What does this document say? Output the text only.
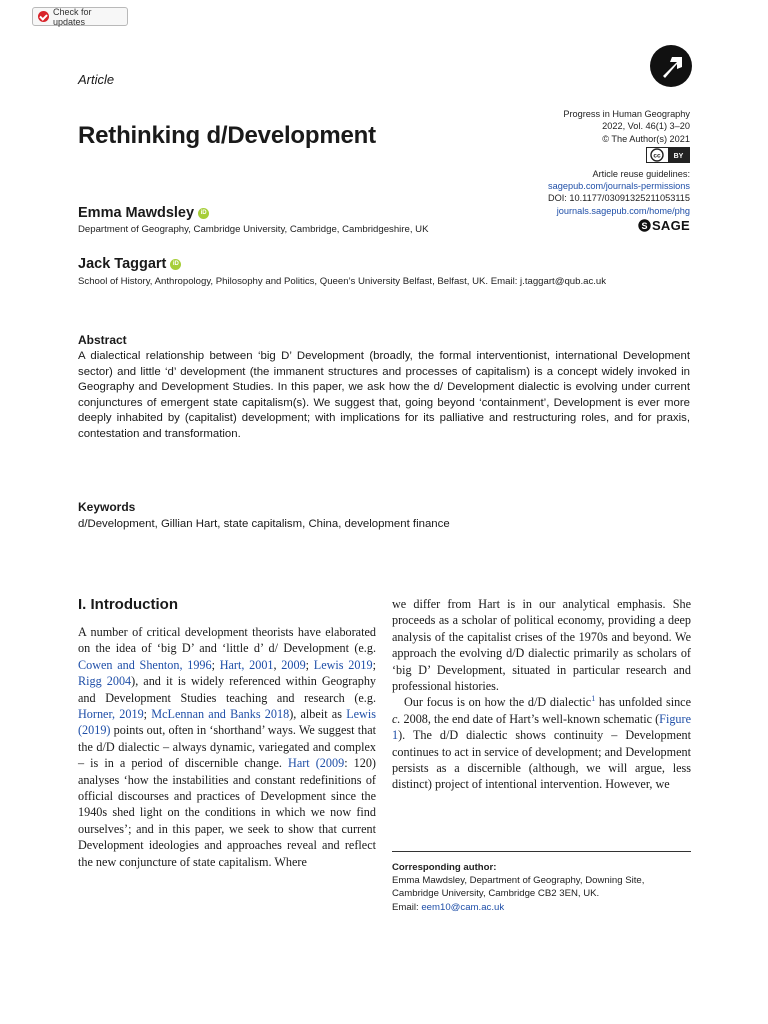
Check for updates
Article
Progress in Human Geography
2022, Vol. 46(1) 3–20
© The Author(s) 2021
cc BY
Article reuse guidelines:
sagepub.com/journals-permissions
DOI: 10.1177/03091325211053115
journals.sagepub.com/home/phg
S SAGE
Rethinking d/Development
Emma Mawdsley	iD
Department of Geography, Cambridge University, Cambridge, Cambridgeshire, UK
Jack Taggart	iD
School of History, Anthropology, Philosophy and Politics, Queen’s University Belfast, Belfast, UK. Email: j.taggart@qub.ac.uk
Abstract
A dialectical relationship between ‘big D’ Development (broadly, the formal interventionist, international Development sector) and little ‘d’ development (the immanent structures and processes of capitalism) is a concept widely invoked in Geography and Development Studies. In this paper, we ask how the d/ Development dialectic is evolving under current conjunctures of emergent state capitalism(s). We suggest that, going beyond ‘containment’, Development is ever more deeply inhabited by (capitalist) development; with implications for its palliative and restructuring roles, and for praxis, contestation and transformation.
Keywords
d/Development, Gillian Hart, state capitalism, China, development finance
I. Introduction
A number of critical development theorists have elaborated on the idea of ‘big D’ and ‘little d’ d/ Development (e.g. Cowen and Shenton, 1996; Hart, 2001, 2009; Lewis 2019; Rigg 2004), and it is widely referenced within Geography and Development Studies teaching and research (e.g. Horner, 2019; McLennan and Banks 2018), albeit as Lewis (2019) points out, often in ‘shorthand’ ways. We suggest that the d/D dialectic – always dynamic, variegated and complex – is in a period of discernible change. Hart (2009: 120) analyses ‘how the instabilities and constant redefinitions of official discourses and practices of Development since the 1940s shed light on the conditions in which we now find ourselves’; and in this paper, we seek to show that current Development ideologies and approaches reveal and reflect the new conjuncture of state capitalism. Where
we differ from Hart is in our analytical emphasis. She proceeds as a scholar of political economy, providing a deep analysis of the capitalist crises of the 1970s and beyond. We approach the evolving d/D dialectic primarily as scholars of ‘big D’ Development, situated in particular research and professional histories.
Our focus is on how the d/D dialectic$^1$ has unfolded since c. 2008, the end date of Hart’s well-known schematic (Figure 1). The d/D dialectic shows continuity – Development continues to act in service of development; and Development persists as a discernible (although, we will argue, less distinct) project of intentional intervention. However, we
Corresponding author:
Emma Mawdsley, Department of Geography, Downing Site,
Cambridge University, Cambridge CB2 3EN, UK.
Email: eem10@cam.ac.uk
